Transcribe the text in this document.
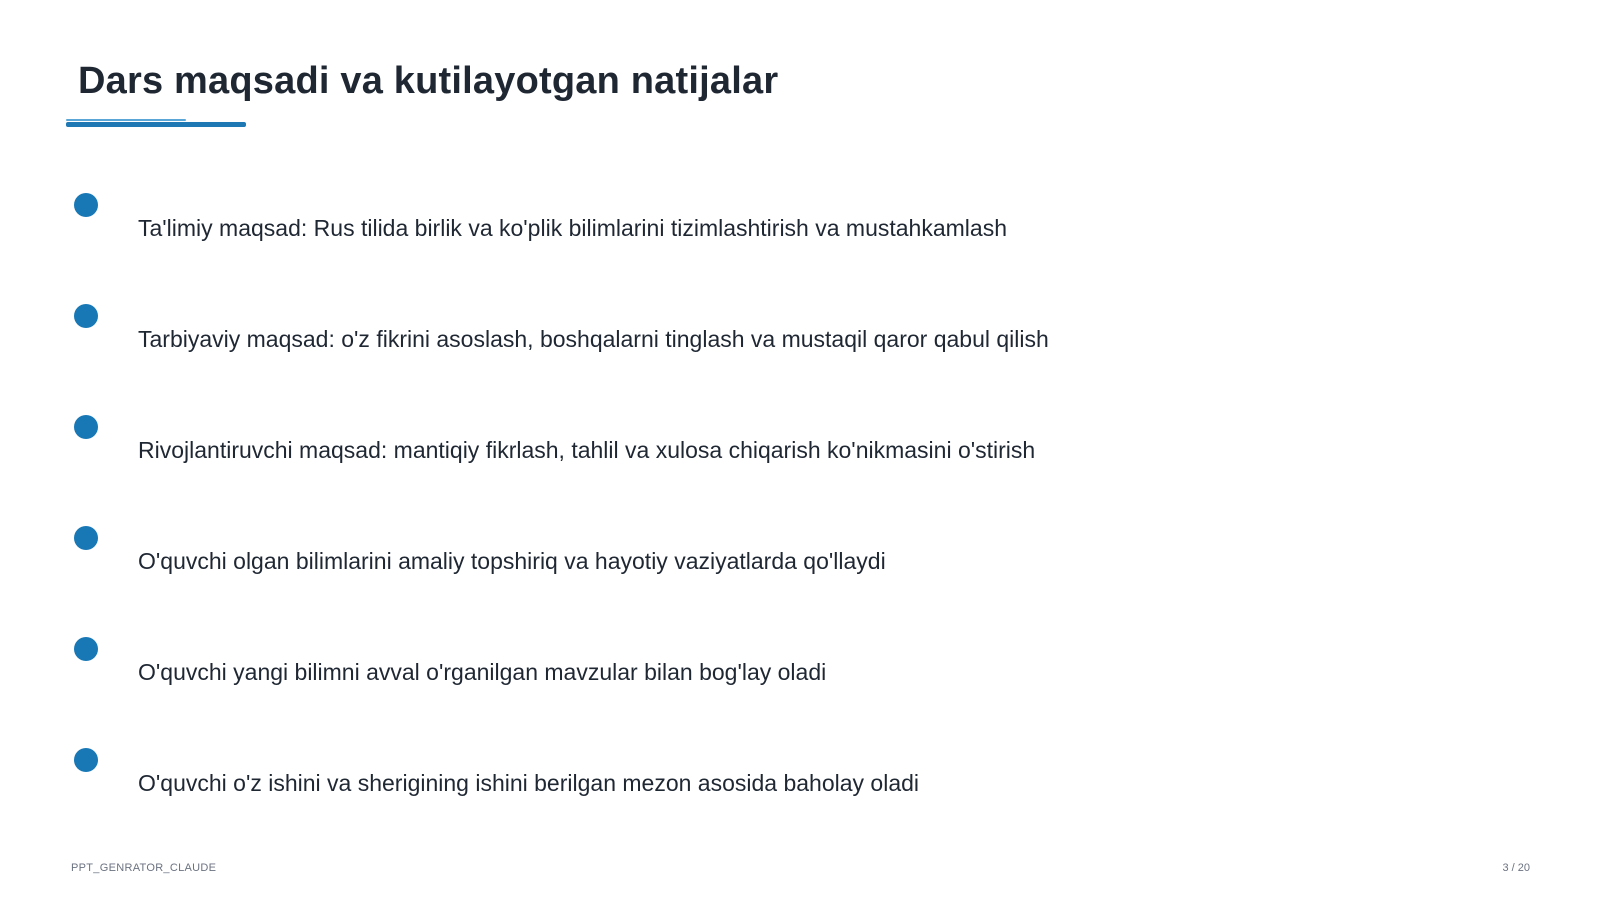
Dars maqsadi va kutilayotgan natijalar
Ta'limiy maqsad: Rus tilida birlik va ko'plik bilimlarini tizimlashtirish va mustahkamlash
Tarbiyaviy maqsad: o'z fikrini asoslash, boshqalarni tinglash va mustaqil qaror qabul qilish
Rivojlantiruvchi maqsad: mantiqiy fikrlash, tahlil va xulosa chiqarish ko'nikmasini o'stirish
O'quvchi olgan bilimlarini amaliy topshiriq va hayotiy vaziyatlarda qo'llaydi
O'quvchi yangi bilimni avval o'rganilgan mavzular bilan bog'lay oladi
O'quvchi o'z ishini va sherigining ishini berilgan mezon asosida baholay oladi
PPT_GENRATOR_CLAUDE	3 / 20
